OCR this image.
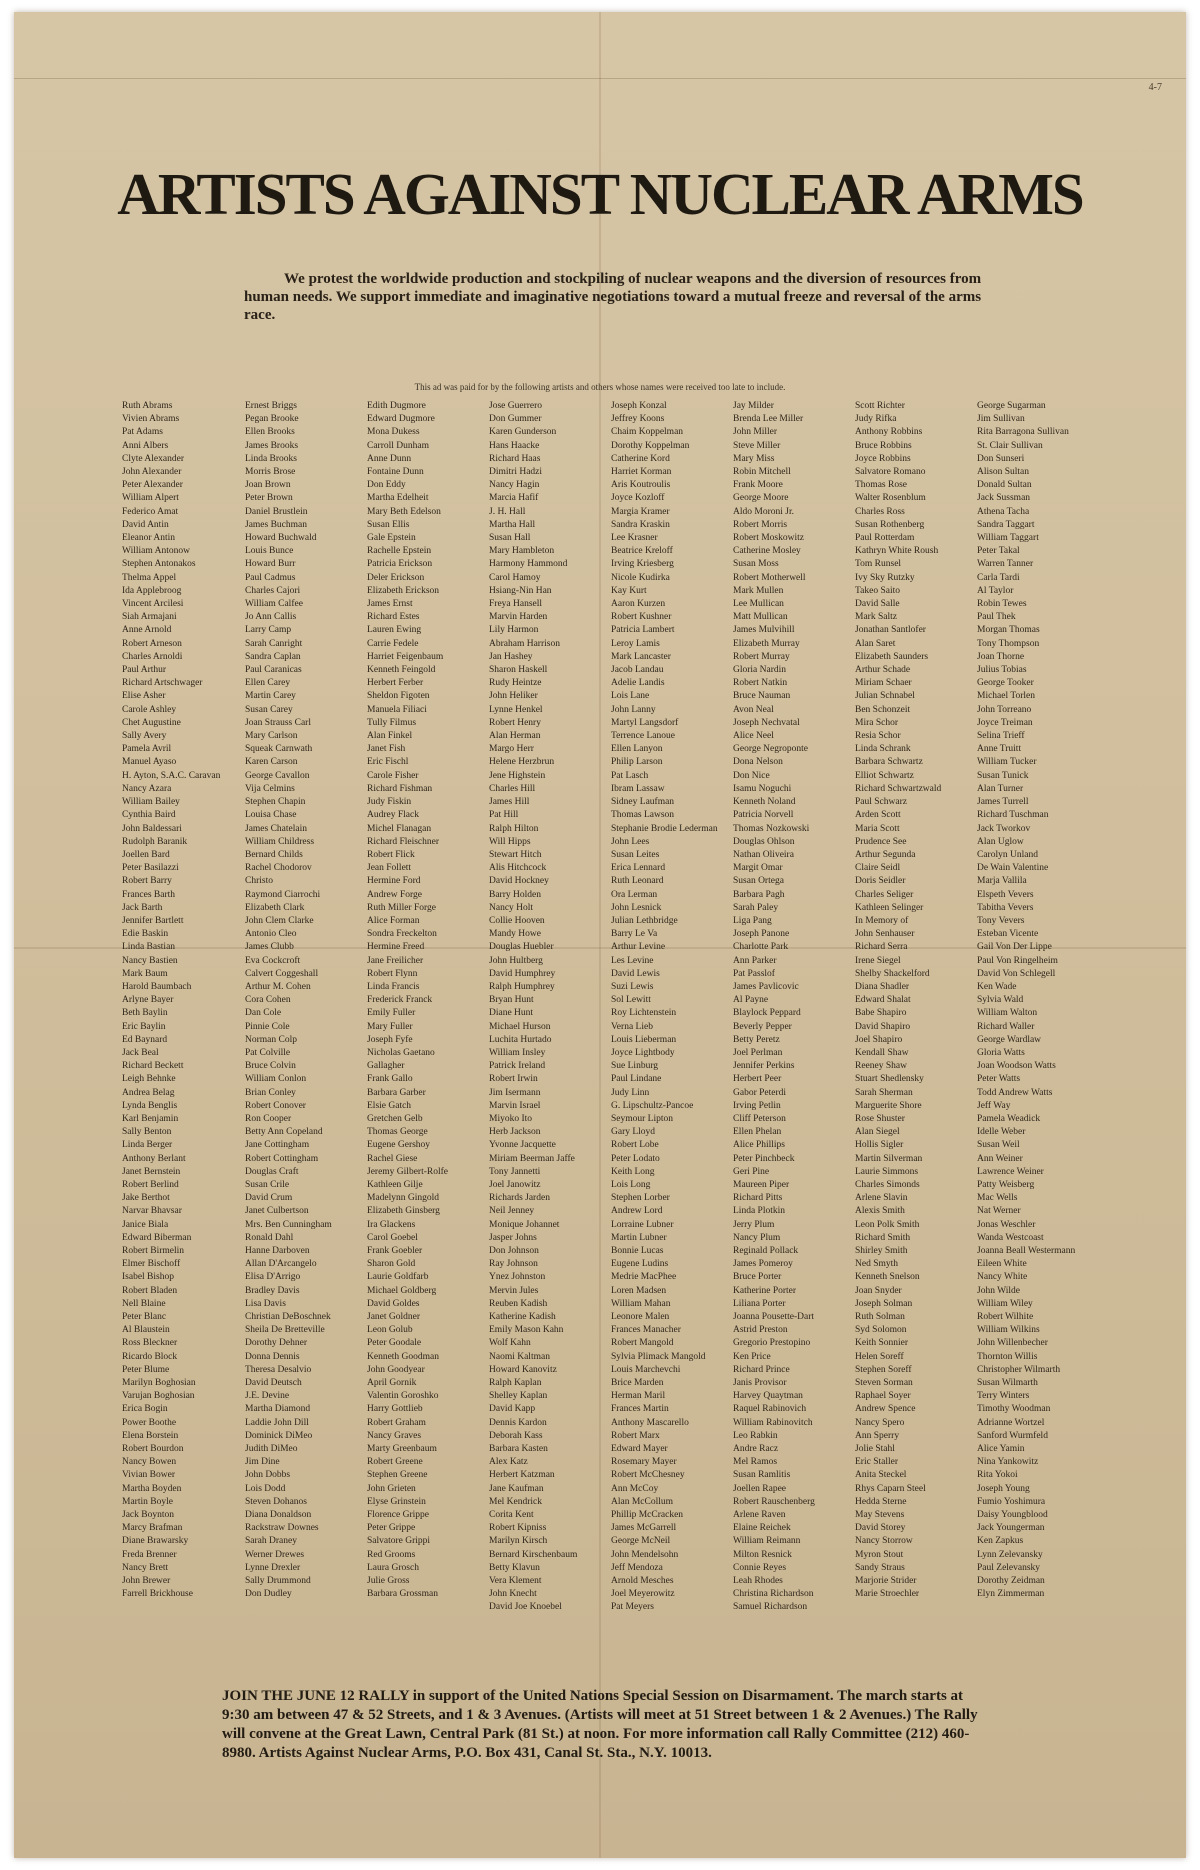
4-7
ARTISTS AGAINST NUCLEAR ARMS
We protest the worldwide production and stockpiling of nuclear weapons and the diversion of resources from human needs. We support immediate and imaginative negotiations toward a mutual freeze and reversal of the arms race.
This ad was paid for by the following artists and others whose names were received too late to include.
Ruth Abrams
Vivien Abrams
Pat Adams
Anni Albers
Clyte Alexander
John Alexander
Peter Alexander
William Alpert
Federico Amat
David Antin
Eleanor Antin
William Antonow
Stephen Antonakos
Thelma Appel
Ida Applebroog
Vincent Arcilesi
Siah Armajani
Anne Arnold
Robert Arneson
Charles Arnoldi
Paul Arthur
Richard Artschwager
Elise Asher
Carole Ashley
Chet Augustine
Sally Avery
Pamela Avril
Manuel Ayaso
H. Ayton, S.A.C. Caravan
Nancy Azara
William Bailey
Cynthia Baird
John Baldessari
Rudolph Baranik
Joellen Bard
Peter Basilazzi
Robert Barry
Frances Barth
Jack Barth
Jennifer Bartlett
Edie Baskin
Linda Bastian
Nancy Bastien
Mark Baum
Harold Baumbach
Arlyne Bayer
Beth Baylin
Eric Baylin
Ed Baynard
Jack Beal
Richard Beckett
Leigh Behnke
Andrea Belag
Lynda Benglis
Karl Benjamin
Sally Benton
Linda Berger
Anthony Berlant
Janet Bernstein
Robert Berlind
Jake Berthot
Narvar Bhavsar
Janice Biala
Edward Biberman
Robert Birmelin
Elmer Bischoff
Isabel Bishop
Robert Bladen
Nell Blaine
Peter Blanc
Al Blaustein
Ross Bleckner
Ricardo Block
Peter Blume
Marilyn Boghosian
Varujan Boghosian
Erica Bogin
Power Boothe
Elena Borstein
Robert Bourdon
Nancy Bowen
Vivian Bower
Martha Boyden
Martin Boyle
Jack Boynton
Marcy Brafman
Diane Brawarsky
Freda Brenner
Nancy Brett
John Brewer
Farrell Brickhouse
Ernest Briggs
Pegan Brooke
Ellen Brooks
James Brooks
Linda Brooks
Morris Brose
Joan Brown
Peter Brown
Daniel Brustlein
James Buchman
Howard Buchwald
Louis Bunce
Howard Burr
Paul Cadmus
Charles Cajori
William Calfee
Jo Ann Callis
Larry Camp
Sarah Canright
Sandra Caplan
Paul Caranicas
Ellen Carey
Martin Carey
Susan Carey
Joan Strauss Carl
Mary Carlson
Squeak Carnwath
Karen Carson
George Cavallon
Vija Celmins
Stephen Chapin
Louisa Chase
James Chatelain
William Childress
Bernard Childs
Rachel Chodorov
Christo
Raymond Ciarrochi
Elizabeth Clark
John Clem Clarke
Antonio Cleo
James Clubb
Eva Cockcroft
Calvert Coggeshall
Arthur M. Cohen
Cora Cohen
Dan Cole
Pinnie Cole
Norman Colp
Pat Colville
Bruce Colvin
William Conlon
Brian Conley
Robert Conover
Ron Cooper
Betty Ann Copeland
Jane Cottingham
Robert Cottingham
Douglas Craft
Susan Crile
David Crum
Janet Culbertson
Mrs. Ben Cunningham
Ronald Dahl
Hanne Darboven
Allan D'Arcangelo
Elisa D'Arrigo
Bradley Davis
Lisa Davis
Christian DeBoschnek
Sheila De Bretteville
Dorothy Dehner
Donna Dennis
Theresa Desalvio
David Deutsch
J.E. Devine
Martha Diamond
Laddie John Dill
Dominick DiMeo
Judith DiMeo
Jim Dine
John Dobbs
Lois Dodd
Steven Dohanos
Diana Donaldson
Rackstraw Downes
Sarah Draney
Werner Drewes
Lynne Drexler
Sally Drummond
Don Dudley
Edith Dugmore
Edward Dugmore
Mona Dukess
Carroll Dunham
Anne Dunn
Fontaine Dunn
Don Eddy
Martha Edelheit
Mary Beth Edelson
Susan Ellis
Gale Epstein
Rachelle Epstein
Patricia Erickson
Deler Erickson
Elizabeth Erickson
James Ernst
Richard Estes
Lauren Ewing
Carrie Fedele
Harriet Feigenbaum
Kenneth Feingold
Herbert Ferber
Sheldon Figoten
Manuela Filiaci
Tully Filmus
Alan Finkel
Janet Fish
Eric Fischl
Carole Fisher
Richard Fishman
Judy Fiskin
Audrey Flack
Michel Flanagan
Richard Fleischner
Robert Flick
Jean Follett
Hermine Ford
Andrew Forge
Ruth Miller Forge
Alice Forman
Sondra Freckelton
Hermine Freed
Jane Freilicher
Robert Flynn
Linda Francis
Frederick Franck
Emily Fuller
Mary Fuller
Joseph Fyfe
Nicholas Gaetano
Gallagher
Frank Gallo
Barbara Garber
Elsie Gatch
Gretchen Gelb
Thomas George
Eugene Gershoy
Rachel Giese
Jeremy Gilbert-Rolfe
Kathleen Gilje
Madelynn Gingold
Elizabeth Ginsberg
Ira Glackens
Carol Goebel
Frank Goebler
Sharon Gold
Laurie Goldfarb
Michael Goldberg
David Goldes
Janet Goldner
Leon Golub
Peter Goodale
Kenneth Goodman
John Goodyear
April Gornik
Valentin Goroshko
Harry Gottlieb
Robert Graham
Nancy Graves
Marty Greenbaum
Robert Greene
Stephen Greene
John Grieten
Elyse Grinstein
Florence Grippe
Peter Grippe
Salvatore Grippi
Red Grooms
Laura Grosch
Julie Gross
Barbara Grossman
Jose Guerrero
Don Gummer
Karen Gunderson
Hans Haacke
Richard Haas
Dimitri Hadzi
Nancy Hagin
Marcia Hafif
J. H. Hall
Martha Hall
Susan Hall
Mary Hambleton
Harmony Hammond
Carol Hamoy
Hsiang-Nin Han
Freya Hansell
Marvin Harden
Lily Harmon
Abraham Harrison
Jan Hashey
Sharon Haskell
Rudy Heintze
John Heliker
Lynne Henkel
Robert Henry
Alan Herman
Margo Herr
Helene Herzbrun
Jene Highstein
Charles Hill
James Hill
Pat Hill
Ralph Hilton
Will Hipps
Stewart Hitch
Alis Hitchcock
David Hockney
Barry Holden
Nancy Holt
Collie Hooven
Mandy Howe
Douglas Huebler
John Hultberg
David Humphrey
Ralph Humphrey
Bryan Hunt
Diane Hunt
Michael Hurson
Luchita Hurtado
William Insley
Patrick Ireland
Robert Irwin
Jim Isermann
Marvin Israel
Miyoko Ito
Herb Jackson
Yvonne Jacquette
Miriam Beerman Jaffe
Tony Jannetti
Joel Janowitz
Richards Jarden
Neil Jenney
Monique Johannet
Jasper Johns
Don Johnson
Ray Johnson
Ynez Johnston
Mervin Jules
Reuben Kadish
Katherine Kadish
Emily Mason Kahn
Wolf Kahn
Naomi Kaltman
Howard Kanovitz
Ralph Kaplan
Shelley Kaplan
David Kapp
Dennis Kardon
Deborah Kass
Barbara Kasten
Alex Katz
Herbert Katzman
Jane Kaufman
Mel Kendrick
Corita Kent
Robert Kipniss
Marilyn Kirsch
Bernard Kirschenbaum
Betty Klavun
Vera Klement
John Knecht
David Joe Knoebel
Joseph Konzal
Jeffrey Koons
Chaim Koppelman
Dorothy Koppelman
Catherine Kord
Harriet Korman
Aris Koutroulis
Joyce Kozloff
Margia Kramer
Sandra Kraskin
Lee Krasner
Beatrice Kreloff
Irving Kriesberg
Nicole Kudirka
Kay Kurt
Aaron Kurzen
Robert Kushner
Patricia Lambert
Leroy Lamis
Mark Lancaster
Jacob Landau
Adelie Landis
Lois Lane
John Lanny
Martyl Langsdorf
Terrence Lanoue
Ellen Lanyon
Philip Larson
Pat Lasch
Ibram Lassaw
Sidney Laufman
Thomas Lawson
Stephanie Brodie Lederman
John Lees
Susan Leites
Erica Lennard
Ruth Leonard
Ora Lerman
John Lesnick
Julian Lethbridge
Barry Le Va
Arthur Levine
Les Levine
David Lewis
Suzi Lewis
Sol Lewitt
Roy Lichtenstein
Verna Lieb
Louis Lieberman
Joyce Lightbody
Sue Linburg
Paul Lindane
Judy Linn
G. Lipschultz-Pancoe
Seymour Lipton
Gary Lloyd
Robert Lobe
Peter Lodato
Keith Long
Lois Long
Stephen Lorber
Andrew Lord
Lorraine Lubner
Martin Lubner
Bonnie Lucas
Eugene Ludins
Medrie MacPhee
Loren Madsen
William Mahan
Leonore Malen
Frances Manacher
Robert Mangold
Sylvia Plimack Mangold
Louis Marchevchi
Brice Marden
Herman Maril
Frances Martin
Anthony Mascarello
Robert Marx
Edward Mayer
Rosemary Mayer
Robert McChesney
Ann McCoy
Alan McCollum
Phillip McCracken
James McGarrell
George McNeil
John Mendelsohn
Jeff Mendoza
Arnold Mesches
Joel Meyerowitz
Pat Meyers
Jay Milder
Brenda Lee Miller
John Miller
Steve Miller
Mary Miss
Robin Mitchell
Frank Moore
George Moore
Aldo Moroni Jr.
Robert Morris
Robert Moskowitz
Catherine Mosley
Susan Moss
Robert Motherwell
Mark Mullen
Lee Mullican
Matt Mullican
James Mulvihill
Elizabeth Murray
Robert Murray
Gloria Nardin
Robert Natkin
Bruce Nauman
Avon Neal
Joseph Nechvatal
Alice Neel
George Negroponte
Dona Nelson
Don Nice
Isamu Noguchi
Kenneth Noland
Patricia Norvell
Thomas Nozkowski
Douglas Ohlson
Nathan Oliveira
Margit Omar
Susan Ortega
Barbara Pagh
Sarah Paley
Liga Pang
Joseph Panone
Charlotte Park
Ann Parker
Pat Passlof
James Pavlicovic
Al Payne
Blaylock Peppard
Beverly Pepper
Betty Peretz
Joel Perlman
Jennifer Perkins
Herbert Peer
Gabor Peterdi
Irving Petlin
Cliff Peterson
Ellen Phelan
Alice Phillips
Peter Pinchbeck
Geri Pine
Maureen Piper
Richard Pitts
Linda Plotkin
Jerry Plum
Nancy Plum
Reginald Pollack
James Pomeroy
Bruce Porter
Katherine Porter
Liliana Porter
Joanna Pousette-Dart
Astrid Preston
Gregorio Prestopino
Ken Price
Richard Prince
Janis Provisor
Harvey Quaytman
Raquel Rabinovich
William Rabinovitch
Leo Rabkin
Andre Racz
Mel Ramos
Susan Ramlitis
Joellen Rapee
Robert Rauschenberg
Arlene Raven
Elaine Reichek
William Reimann
Milton Resnick
Connie Reyes
Leah Rhodes
Christina Richardson
Samuel Richardson
Scott Richter
Judy Rifka
Anthony Robbins
Bruce Robbins
Joyce Robbins
Salvatore Romano
Thomas Rose
Walter Rosenblum
Charles Ross
Susan Rothenberg
Paul Rotterdam
Kathryn White Roush
Tom Runsel
Ivy Sky Rutzky
Takeo Saito
David Salle
Mark Saltz
Jonathan Santlofer
Alan Saret
Elizabeth Saunders
Arthur Schade
Miriam Schaer
Julian Schnabel
Ben Schonzeit
Mira Schor
Resia Schor
Linda Schrank
Barbara Schwartz
Elliot Schwartz
Richard Schwartzwald
Paul Schwarz
Arden Scott
Maria Scott
Prudence See
Arthur Segunda
Claire Seidl
Doris Seidler
Charles Seliger
Kathleen Selinger
In Memory of
John Senhauser
Richard Serra
Irene Siegel
Shelby Shackelford
Diana Shadler
Edward Shalat
Babe Shapiro
David Shapiro
Joel Shapiro
Kendall Shaw
Reeney Shaw
Stuart Shedlensky
Sarah Sherman
Marguerite Shore
Rose Shuster
Alan Siegel
Hollis Sigler
Martin Silverman
Laurie Simmons
Charles Simonds
Arlene Slavin
Alexis Smith
Leon Polk Smith
Richard Smith
Shirley Smith
Ned Smyth
Kenneth Snelson
Joan Snyder
Joseph Solman
Ruth Solman
Syd Solomon
Keith Sonnier
Helen Soreff
Stephen Soreff
Steven Sorman
Raphael Soyer
Andrew Spence
Nancy Spero
Ann Sperry
Jolie Stahl
Eric Staller
Anita Steckel
Rhys Caparn Steel
Hedda Sterne
May Stevens
David Storey
Nancy Storrow
Myron Stout
Sandy Straus
Marjorie Strider
Marie Stroechler
George Sugarman
Jim Sullivan
Rita Barragona Sullivan
St. Clair Sullivan
Don Sunseri
Alison Sultan
Donald Sultan
Jack Sussman
Athena Tacha
Sandra Taggart
William Taggart
Peter Takal
Warren Tanner
Carla Tardi
Al Taylor
Robin Tewes
Paul Thek
Morgan Thomas
Tony Thompson
Joan Thorne
Julius Tobias
George Tooker
Michael Torlen
John Torreano
Joyce Treiman
Selina Trieff
Anne Truitt
William Tucker
Susan Tunick
Alan Turner
James Turrell
Richard Tuschman
Jack Tworkov
Alan Uglow
Carolyn Unland
De Wain Valentine
Marja Vallila
Elspeth Vevers
Tabitha Vevers
Tony Vevers
Esteban Vicente
Gail Von Der Lippe
Paul Von Ringelheim
David Von Schlegell
Ken Wade
Sylvia Wald
William Walton
Richard Waller
George Wardlaw
Gloria Watts
Joan Woodson Watts
Peter Watts
Todd Andrew Watts
Jeff Way
Pamela Weadick
Idelle Weber
Susan Weil
Ann Weiner
Lawrence Weiner
Patty Weisberg
Mac Wells
Nat Werner
Jonas Weschler
Wanda Westcoast
Joanna Beall Westermann
Eileen White
Nancy White
John Wilde
William Wiley
Robert Wilhite
William Wilkins
John Willenbecher
Thornton Willis
Christopher Wilmarth
Susan Wilmarth
Terry Winters
Timothy Woodman
Adrianne Wortzel
Sanford Wurmfeld
Alice Yamin
Nina Yankowitz
Rita Yokoi
Joseph Young
Fumio Yoshimura
Daisy Youngblood
Jack Youngerman
Ken Zapkus
Lynn Zelevansky
Paul Zelevansky
Dorothy Zeidman
Elyn Zimmerman
JOIN THE JUNE 12 RALLY in support of the United Nations Special Session on Disarmament. The march starts at 9:30 am between 47 & 52 Streets, and 1 & 3 Avenues. (Artists will meet at 51 Street between 1 & 2 Avenues.) The Rally will convene at the Great Lawn, Central Park (81 St.) at noon. For more information call Rally Committee (212) 460-8980. Artists Against Nuclear Arms, P.O. Box 431, Canal St. Sta., N.Y. 10013.
